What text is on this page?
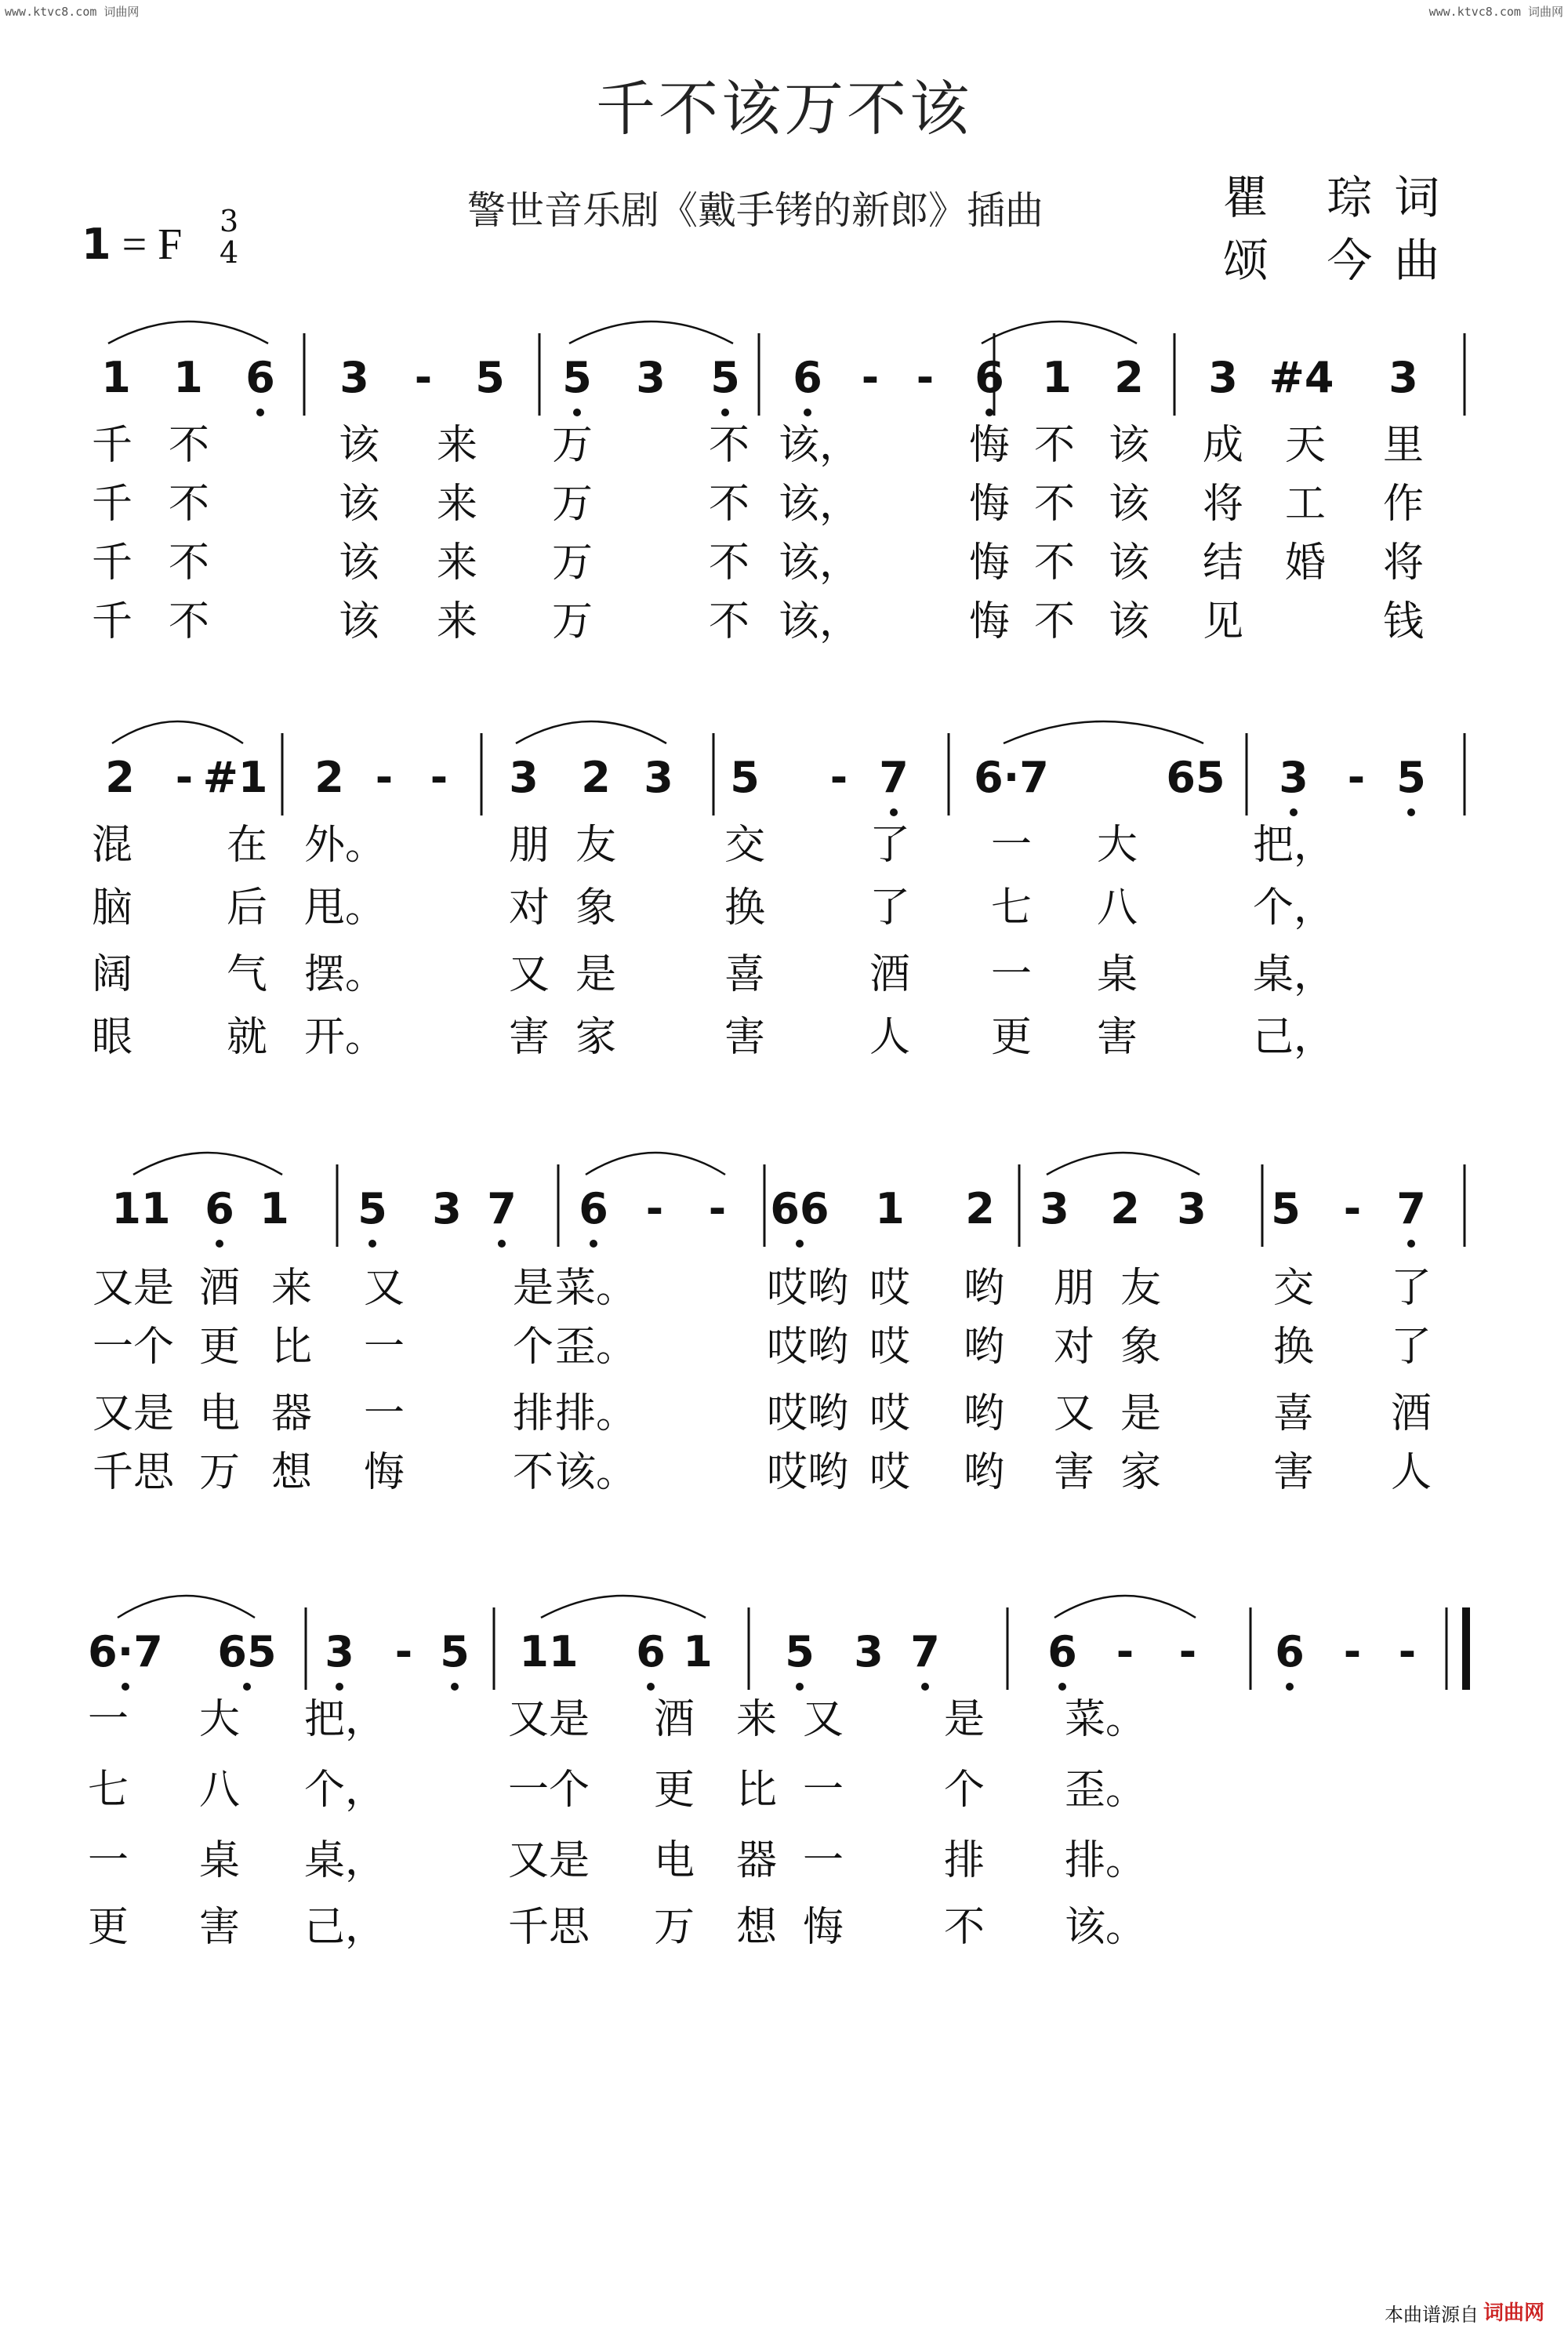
www.ktvc8.com 词曲网	www.ktvc8.com 词曲网
千不该万不该
警世音乐剧《戴手铐的新郎》插曲	瞿 琮词
颂 今曲
1 = F 3
4
1 1 6 3 - 5 5 3 5 6 - - 6 1 2 3 #4 3
千 不	该 来 万	不 该，	悔 不 该 成 天 里
千 不	该 来 万	不 该，	悔 不 该 将 工 作
千 不	该 来 万	不 该，	悔 不 该 结 婚 将
千 不	该 来 万	不 该，	悔 不 该 见	钱
2 - #1 2 - - 3 2 3 5 - 7 6·7	65 3 - 5
混 在 外。	朋 友	交	了 一 大	把，
脑 后 甩。	对 象	换	了 七 八	个，
阔 气 摆。	又 是	喜	酒 一 桌	桌，
眼 就 开。	害 家	害	人 更 害	己，
11 6 1 5 3 7 6 - - 66 1 2 3 2 3 5 - 7
又是 酒 来 又	是 菜。	哎哟 哎 哟 朋 友	交 了
一个 更 比 一	个 歪。	哎哟 哎 哟 对 象	换 了
又是 电 器 一	排 排。	哎哟 哎 哟 又 是	喜 酒
千思 万 想 悔	不 该。	哎哟 哎 哟 害 家	害 人
6·7 65 3 - 5 11 6 1 5 3 7	6 - - 6 - -
一 大 把，	又是 酒 来 又 是 菜。
七 八 个，	一个 更 比 一 个 歪。
一 桌 桌，	又是 电 器 一 排 排。
更 害 己，	千思 万 想 悔 不 该。
本曲谱源自 词曲网
